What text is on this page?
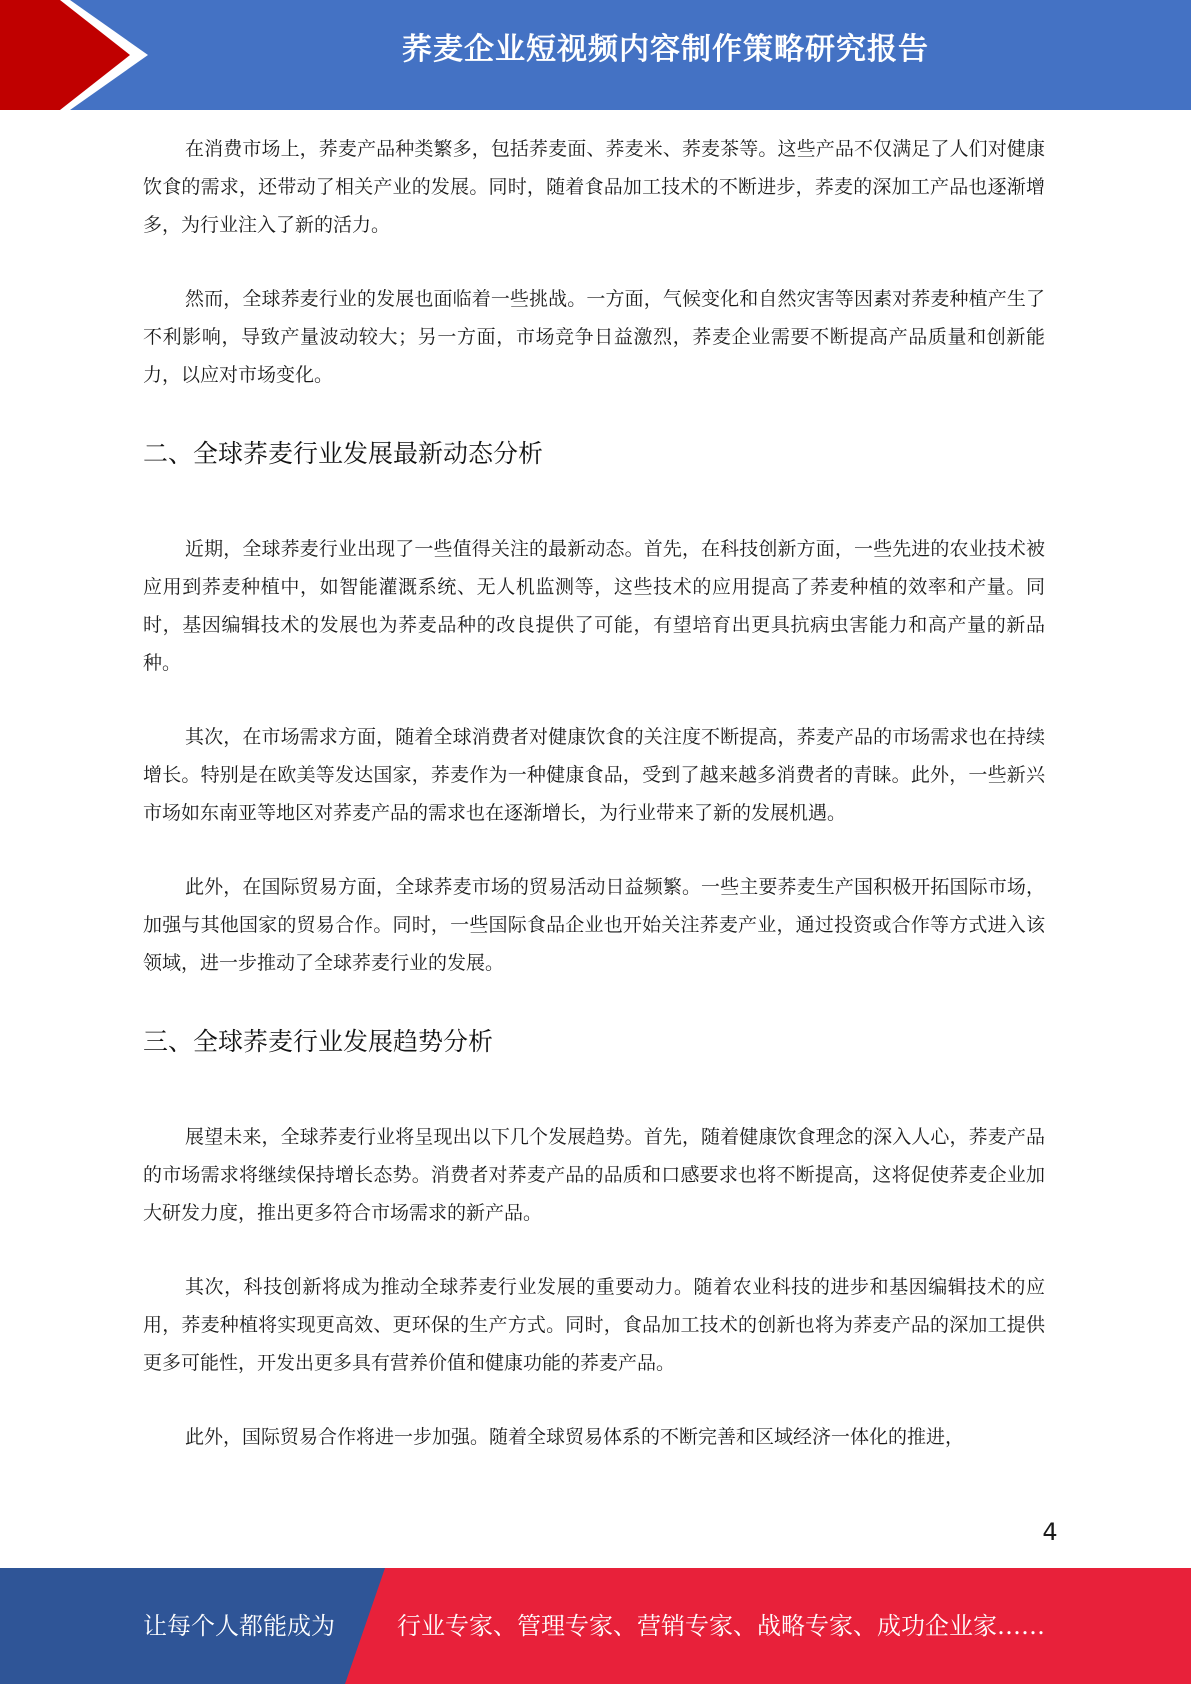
荞麦企业短视频内容制作策略研究报告

在消费市场上，荞麦产品种类繁多，包括荞麦面、荞麦米、荞麦茶等。这些产品不仅满足了人们对健康饮食的需求，还带动了相关产业的发展。同时，随着食品加工技术的不断进步，荞麦的深加工产品也逐渐增多，为行业注入了新的活力。

然而，全球荞麦行业的发展也面临着一些挑战。一方面，气候变化和自然灾害等因素对荞麦种植产生了不利影响，导致产量波动较大；另一方面，市场竞争日益激烈，荞麦企业需要不断提高产品质量和创新能力，以应对市场变化。

二、全球荞麦行业发展最新动态分析

近期，全球荞麦行业出现了一些值得关注的最新动态。首先，在科技创新方面，一些先进的农业技术被应用到荞麦种植中，如智能灌溉系统、无人机监测等，这些技术的应用提高了荞麦种植的效率和产量。同时，基因编辑技术的发展也为荞麦品种的改良提供了可能，有望培育出更具抗病虫害能力和高产量的新品种。

其次，在市场需求方面，随着全球消费者对健康饮食的关注度不断提高，荞麦产品的市场需求也在持续增长。特别是在欧美等发达国家，荞麦作为一种健康食品，受到了越来越多消费者的青睐。此外，一些新兴市场如东南亚等地区对荞麦产品的需求也在逐渐增长，为行业带来了新的发展机遇。

此外，在国际贸易方面，全球荞麦市场的贸易活动日益频繁。一些主要荞麦生产国积极开拓国际市场，加强与其他国家的贸易合作。同时，一些国际食品企业也开始关注荞麦产业，通过投资或合作等方式进入该领域，进一步推动了全球荞麦行业的发展。

三、全球荞麦行业发展趋势分析

展望未来，全球荞麦行业将呈现出以下几个发展趋势。首先，随着健康饮食理念的深入人心，荞麦产品的市场需求将继续保持增长态势。消费者对荞麦产品的品质和口感要求也将不断提高，这将促使荞麦企业加大研发力度，推出更多符合市场需求的新产品。

其次，科技创新将成为推动全球荞麦行业发展的重要动力。随着农业科技的进步和基因编辑技术的应用，荞麦种植将实现更高效、更环保的生产方式。同时，食品加工技术的创新也将为荞麦产品的深加工提供更多可能性，开发出更多具有营养价值和健康功能的荞麦产品。

此外，国际贸易合作将进一步加强。随着全球贸易体系的不断完善和区域经济一体化的推进，

4
让每个人都能成为	行业专家、管理专家、营销专家、战略专家、成功企业家……
